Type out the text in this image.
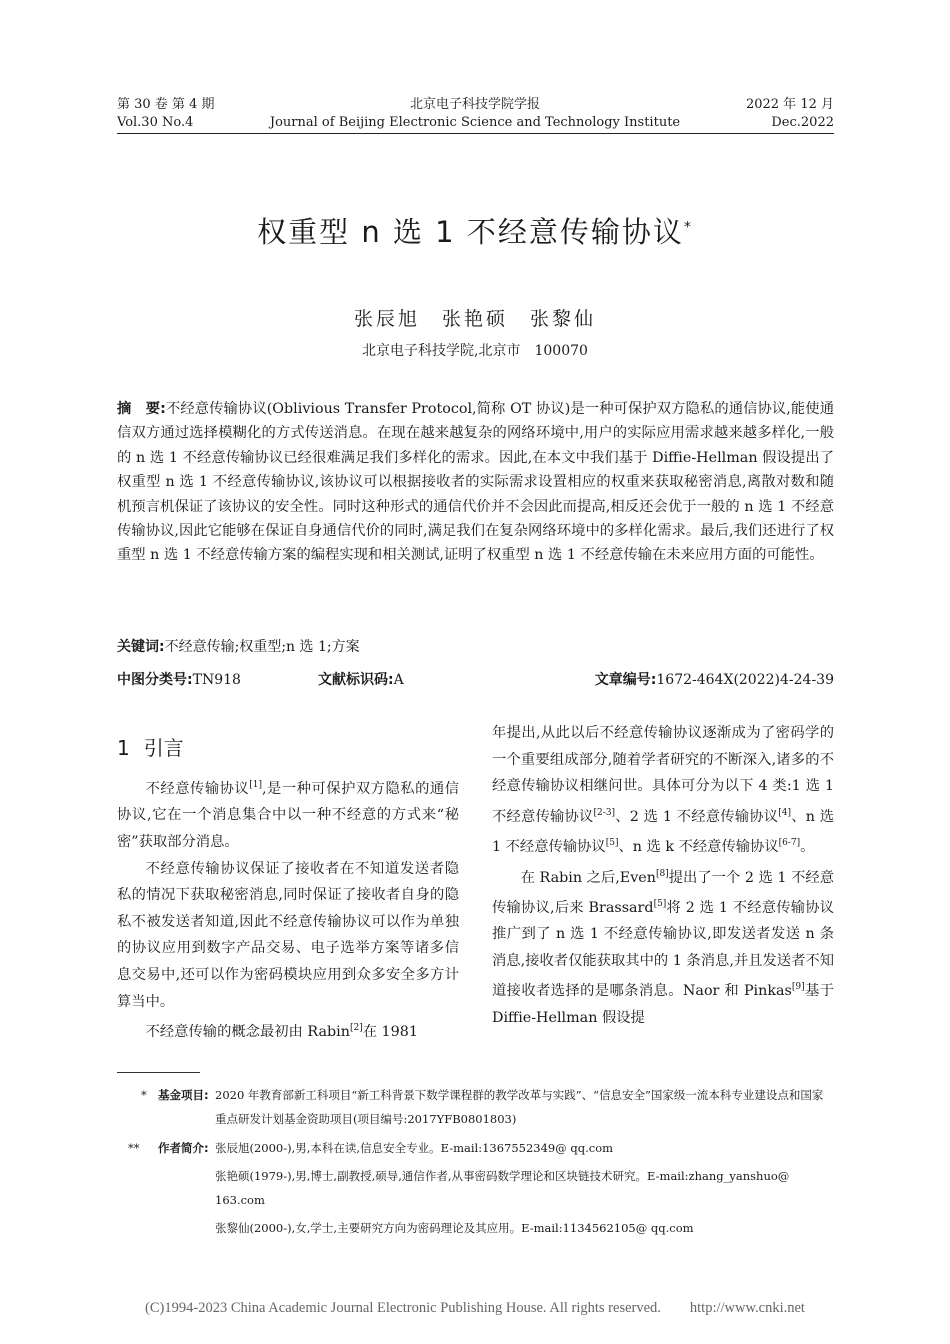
第 30 卷 第 4 期
Vol.30 No.4
北京电子科技学院学报
Journal of Beijing Electronic Science and Technology Institute
2022 年 12 月
Dec.2022
权重型 n 选 1 不经意传输协议*
张辰旭　张艳硕　张黎仙
北京电子科技学院,北京市　100070
摘　要:不经意传输协议(Oblivious Transfer Protocol,简称 OT 协议)是一种可保护双方隐私的通信协议,能使通信双方通过选择模糊化的方式传送消息。在现在越来越复杂的网络环境中,用户的实际应用需求越来越多样化,一般的 n 选 1 不经意传输协议已经很难满足我们多样化的需求。因此,在本文中我们基于 Diffie-Hellman 假设提出了权重型 n 选 1 不经意传输协议,该协议可以根据接收者的实际需求设置相应的权重来获取秘密消息,离散对数和随机预言机保证了该协议的安全性。同时这种形式的通信代价并不会因此而提高,相反还会优于一般的 n 选 1 不经意传输协议,因此它能够在保证自身通信代价的同时,满足我们在复杂网络环境中的多样化需求。最后,我们还进行了权重型 n 选 1 不经意传输方案的编程实现和相关测试,证明了权重型 n 选 1 不经意传输在未来应用方面的可能性。
关键词:不经意传输;权重型;n 选 1;方案
中图分类号:TN918	文献标识码:A	文章编号:1672-464X(2022)4-24-39
1 引言

不经意传输协议[1],是一种可保护双方隐私的通信协议,它在一个消息集合中以一种不经意的方式来“秘密”获取部分消息。

不经意传输协议保证了接收者在不知道发送者隐私的情况下获取秘密消息,同时保证了接收者自身的隐私不被发送者知道,因此不经意传输协议可以作为单独的协议应用到数字产品交易、电子选举方案等诸多信息交易中,还可以作为密码模块应用到众多安全多方计算当中。

不经意传输的概念最初由 Rabin[2]在 1981

年提出,从此以后不经意传输协议逐渐成为了密码学的一个重要组成部分,随着学者研究的不断深入,诸多的不经意传输协议相继问世。具体可分为以下 4 类:1 选 1 不经意传输协议[2-3]、2 选 1 不经意传输协议[4]、n 选 1 不经意传输协议[5]、n 选 k 不经意传输协议[6-7]。

在 Rabin 之后,Even[8]提出了一个 2 选 1 不经意传输协议,后来 Brassard[5]将 2 选 1 不经意传输协议推广到了 n 选 1 不经意传输协议,即发送者发送 n 条消息,接收者仅能获取其中的 1 条消息,并且发送者不知道接收者选择的是哪条消息。Naor 和 Pinkas[9]基于 Diffie-Hellman 假设提

* 基金项目: 2020 年教育部新工科项目“新工科背景下数学课程群的教学改革与实践”、“信息安全”国家级一流本科专业建设点和国家重点研发计划基金资助项目(项目编号:2017YFB0801803)
** 作者简介: 张辰旭(2000-),男,本科在读,信息安全专业。E-mail:1367552349@ qq.com
张艳硕(1979-),男,博士,副教授,硕导,通信作者,从事密码数学理论和区块链技术研究。E-mail:zhang_yanshuo@ 163.com
张黎仙(2000-),女,学士,主要研究方向为密码理论及其应用。E-mail:1134562105@ qq.com
(C)1994-2023 China Academic Journal Electronic Publishing House. All rights reserved.　　http://www.cnki.net
